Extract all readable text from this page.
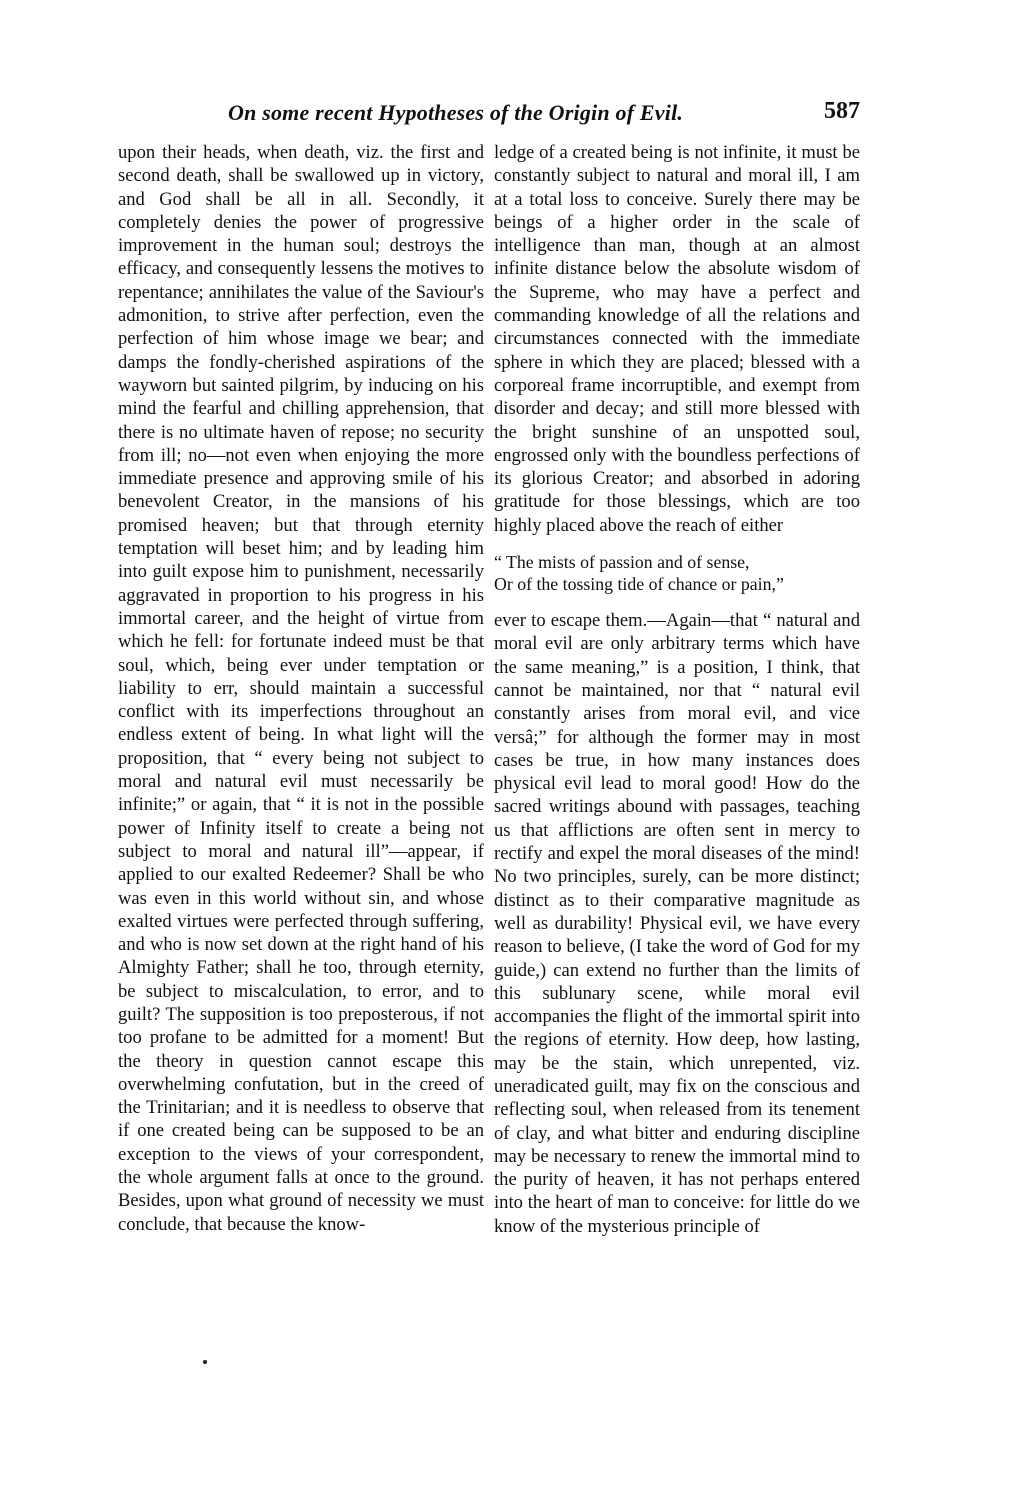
On some recent Hypotheses of the Origin of Evil.	587

upon their heads, when death, viz. the first and second death, shall be swallowed up in victory, and God shall be all in all. Secondly, it completely denies the power of progressive improvement in the human soul; destroys the efficacy, and consequently lessens the motives to repentance; annihilates the value of the Saviour's admonition, to strive after perfection, even the perfection of him whose image we bear; and damps the fondly-cherished aspirations of the wayworn but sainted pilgrim, by inducing on his mind the fearful and chilling apprehension, that there is no ultimate haven of repose; no security from ill; no—not even when enjoying the more immediate presence and approving smile of his benevolent Creator, in the mansions of his promised heaven; but that through eternity temptation will beset him; and by leading him into guilt expose him to punishment, necessarily aggravated in proportion to his progress in his immortal career, and the height of virtue from which he fell: for fortunate indeed must be that soul, which, being ever under temptation or liability to err, should maintain a successful conflict with its imperfections throughout an endless extent of being. In what light will the proposition, that “ every being not subject to moral and natural evil must necessarily be infinite;” or again, that “ it is not in the possible power of Infinity itself to create a being not subject to moral and natural ill”—appear, if applied to our exalted Redeemer? Shall be who was even in this world without sin, and whose exalted virtues were perfected through suffering, and who is now set down at the right hand of his Almighty Father; shall he too, through eternity, be subject to miscalculation, to error, and to guilt? The supposition is too preposterous, if not too profane to be admitted for a moment! But the theory in question cannot escape this overwhelming confutation, but in the creed of the Trinitarian; and it is needless to observe that if one created being can be supposed to be an exception to the views of your correspondent, the whole argument falls at once to the ground. Besides, upon what ground of necessity we must conclude, that because the know-

ledge of a created being is not infinite, it must be constantly subject to natural and moral ill, I am at a total loss to conceive. Surely there may be beings of a higher order in the scale of intelligence than man, though at an almost infinite distance below the absolute wisdom of the Supreme, who may have a perfect and commanding knowledge of all the relations and circumstances connected with the immediate sphere in which they are placed; blessed with a corporeal frame incorruptible, and exempt from disorder and decay; and still more blessed with the bright sunshine of an unspotted soul, engrossed only with the boundless perfections of its glorious Creator; and absorbed in adoring gratitude for those blessings, which are too highly placed above the reach of either

“ The mists of passion and of sense,
Or of the tossing tide of chance or pain,”

ever to escape them.—Again—that “ natural and moral evil are only arbitrary terms which have the same meaning,” is a position, I think, that cannot be maintained, nor that “ natural evil constantly arises from moral evil, and vice versâ;” for although the former may in most cases be true, in how many instances does physical evil lead to moral good! How do the sacred writings abound with passages, teaching us that afflictions are often sent in mercy to rectify and expel the moral diseases of the mind! No two principles, surely, can be more distinct; distinct as to their comparative magnitude as well as durability! Physical evil, we have every reason to believe, (I take the word of God for my guide,) can extend no further than the limits of this sublunary scene, while moral evil accompanies the flight of the immortal spirit into the regions of eternity. How deep, how lasting, may be the stain, which unrepented, viz. uneradicated guilt, may fix on the conscious and reflecting soul, when released from its tenement of clay, and what bitter and enduring discipline may be necessary to renew the immortal mind to the purity of heaven, it has not perhaps entered into the heart of man to conceive: for little do we know of the mysterious principle of
